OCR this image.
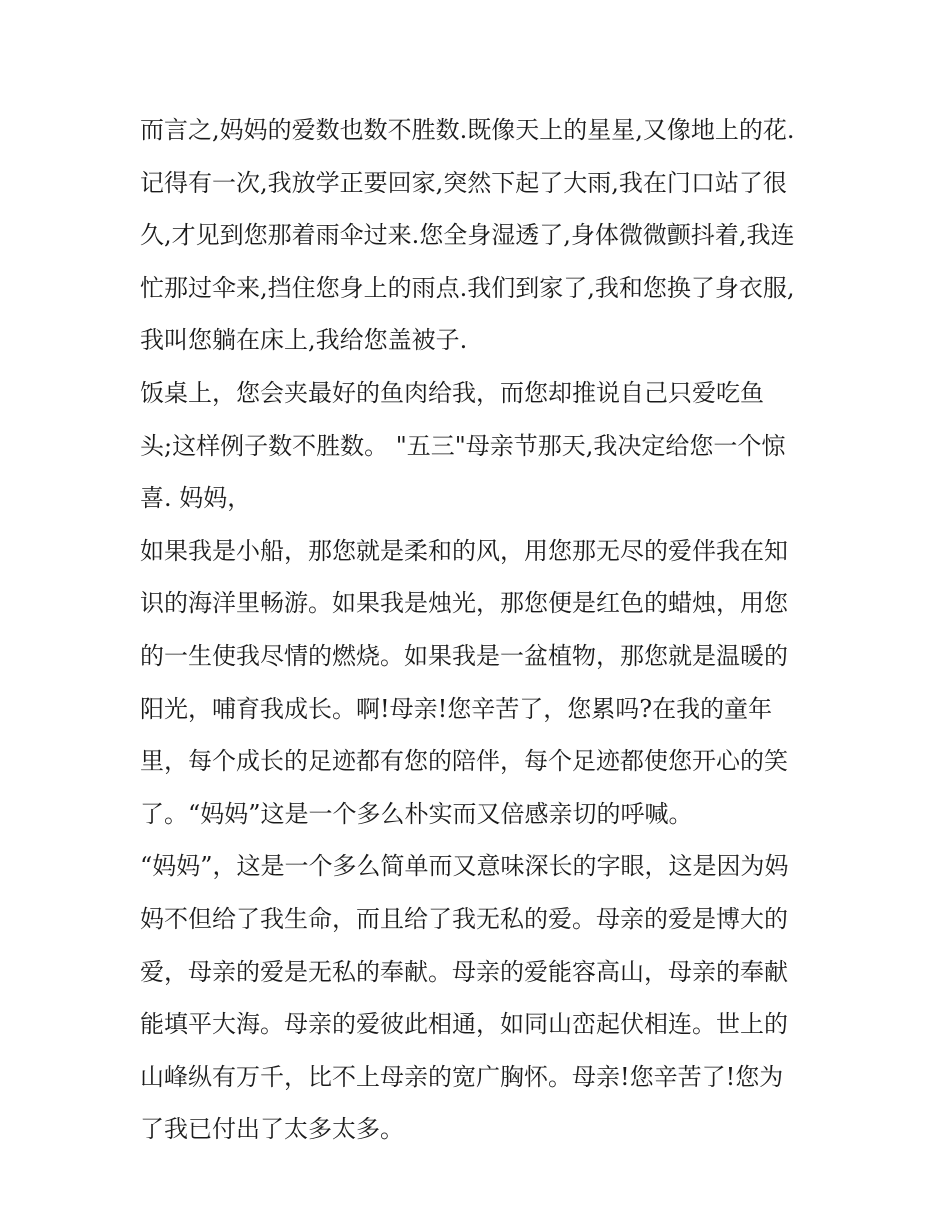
而言之,妈妈的爱数也数不胜数.既像天上的星星,又像地上的花.
记得有一次,我放学正要回家,突然下起了大雨,我在门口站了很
久,才见到您那着雨伞过来.您全身湿透了,身体微微颤抖着,我连
忙那过伞来,挡住您身上的雨点.我们到家了,我和您换了身衣服,
我叫您躺在床上,我给您盖被子.
饭桌上，您会夹最好的鱼肉给我，而您却推说自己只爱吃鱼
头;这样例子数不胜数。 "五三"母亲节那天,我决定给您一个惊
喜. 妈妈，
如果我是小船，那您就是柔和的风，用您那无尽的爱伴我在知
识的海洋里畅游。如果我是烛光，那您便是红色的蜡烛，用您
的一生使我尽情的燃烧。如果我是一盆植物，那您就是温暖的
阳光，哺育我成长。啊!母亲!您辛苦了，您累吗?在我的童年
里，每个成长的足迹都有您的陪伴，每个足迹都使您开心的笑
了。“妈妈”这是一个多么朴实而又倍感亲切的呼喊。
“妈妈”，这是一个多么简单而又意味深长的字眼，这是因为妈
妈不但给了我生命，而且给了我无私的爱。母亲的爱是博大的
爱，母亲的爱是无私的奉献。母亲的爱能容高山，母亲的奉献
能填平大海。母亲的爱彼此相通，如同山峦起伏相连。世上的
山峰纵有万千，比不上母亲的宽广胸怀。母亲!您辛苦了!您为
了我已付出了太多太多。
